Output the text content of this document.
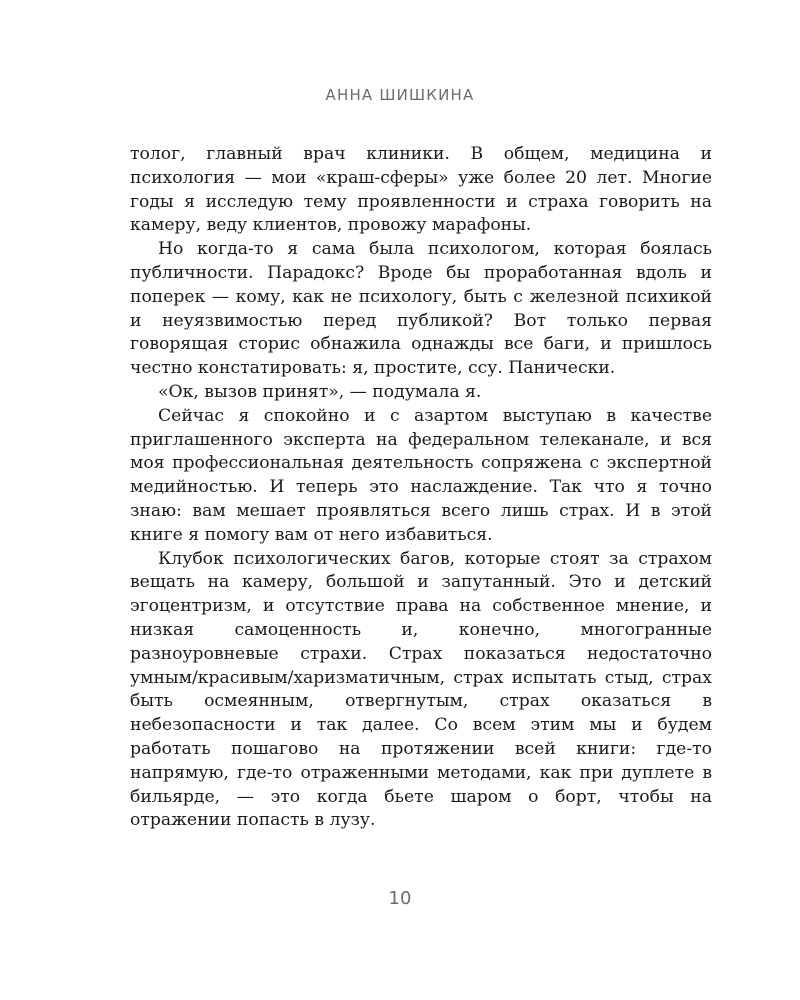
АННА ШИШКИНА

толог, главный врач клиники. В общем, медицина и психология — мои «краш-сферы» уже более 20 лет. Многие годы я исследую тему проявленности и страха говорить на камеру, веду клиентов, провожу марафоны.

Но когда-то я сама была психологом, которая боялась публичности. Парадокс? Вроде бы проработанная вдоль и поперек — кому, как не психологу, быть с железной психикой и неуязвимостью перед публикой? Вот только первая говорящая сторис обнажила однажды все баги, и пришлось честно констатировать: я, простите, ссу. Панически.

«Ок, вызов принят», — подумала я.

Сейчас я спокойно и с азартом выступаю в качестве приглашенного эксперта на федеральном телеканале, и вся моя профессиональная деятельность сопряжена с экспертной медийностью. И теперь это наслаждение. Так что я точно знаю: вам мешает проявляться всего лишь страх. И в этой книге я помогу вам от него избавиться.

Клубок психологических багов, которые стоят за страхом вещать на камеру, большой и запутанный. Это и детский эгоцентризм, и отсутствие права на собственное мнение, и низкая самоценность и, конечно, многогранные разноуровневые страхи. Страх показаться недостаточно умным/красивым/харизматичным, страх испытать стыд, страх быть осмеянным, отвергнутым, страх оказаться в небезопасности и так далее. Со всем этим мы и будем работать пошагово на протяжении всей книги: где-то напрямую, где-то отраженными методами, как при дуплете в бильярде, — это когда бьете шаром о борт, чтобы на отражении попасть в лузу.

10
